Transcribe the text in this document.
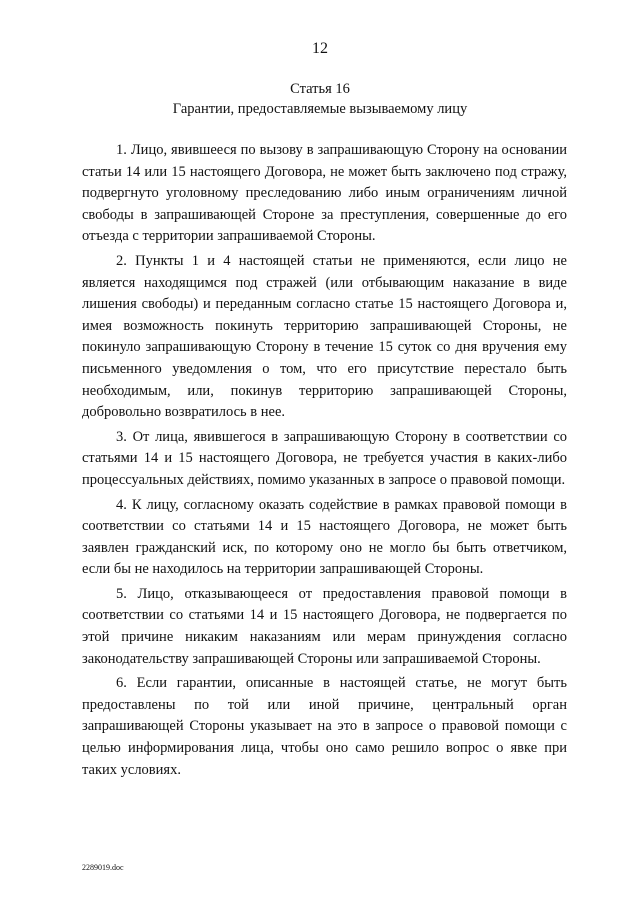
12
Статья 16
Гарантии, предоставляемые вызываемому лицу

1. Лицо, явившееся по вызову в запрашивающую Сторону на основании статьи 14 или 15 настоящего Договора, не может быть заключено под стражу, подвергнуто уголовному преследованию либо иным ограничениям личной свободы в запрашивающей Стороне за преступления, совершенные до его отъезда с территории запрашиваемой Стороны.

2. Пункты 1 и 4 настоящей статьи не применяются, если лицо не является находящимся под стражей (или отбывающим наказание в виде лишения свободы) и переданным согласно статье 15 настоящего Договора и, имея возможность покинуть территорию запрашивающей Стороны, не покинуло запрашивающую Сторону в течение 15 суток со дня вручения ему письменного уведомления о том, что его присутствие перестало быть необходимым, или, покинув территорию запрашивающей Стороны, добровольно возвратилось в нее.

3. От лица, явившегося в запрашивающую Сторону в соответствии со статьями 14 и 15 настоящего Договора, не требуется участия в каких-либо процессуальных действиях, помимо указанных в запросе о правовой помощи.

4. К лицу, согласному оказать содействие в рамках правовой помощи в соответствии со статьями 14 и 15 настоящего Договора, не может быть заявлен гражданский иск, по которому оно не могло бы быть ответчиком, если бы не находилось на территории запрашивающей Стороны.

5. Лицо, отказывающееся от предоставления правовой помощи в соответствии со статьями 14 и 15 настоящего Договора, не подвергается по этой причине никаким наказаниям или мерам принуждения согласно законодательству запрашивающей Стороны или запрашиваемой Стороны.

6. Если гарантии, описанные в настоящей статье, не могут быть предоставлены по той или иной причине, центральный орган запрашивающей Стороны указывает на это в запросе о правовой помощи с целью информирования лица, чтобы оно само решило вопрос о явке при таких условиях.

2289019.doc
